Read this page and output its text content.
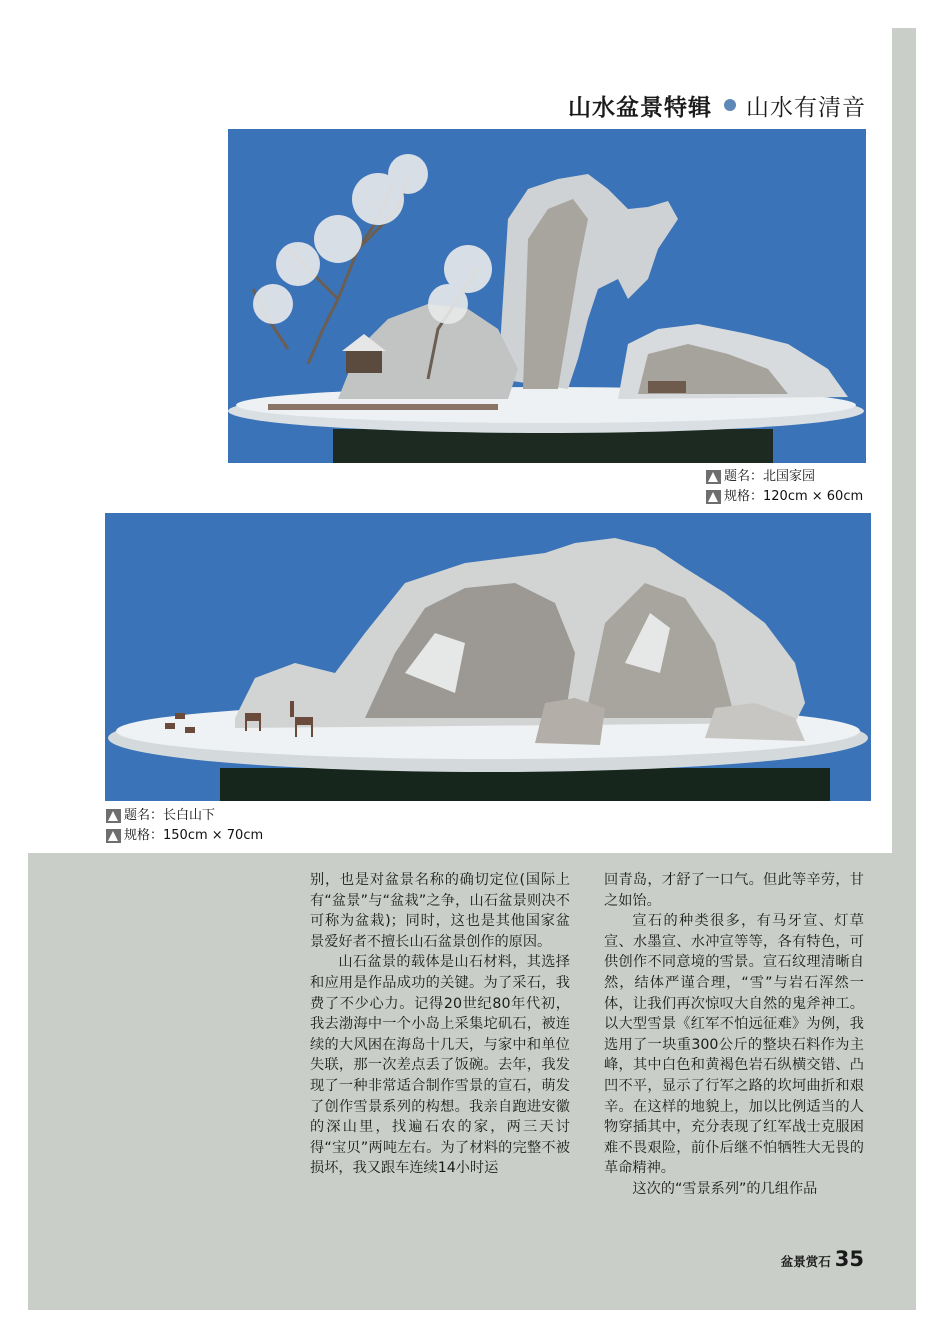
山水盆景特辑 山水有清音
题名：北国家园
规格：120cm × 60cm
题名：长白山下
规格：150cm × 70cm

别，也是对盆景名称的确切定位(国际上有“盆景”与“盆栽”之争，山石盆景则决不可称为盆栽)；同时，这也是其他国家盆景爱好者不擅长山石盆景创作的原因。

山石盆景的载体是山石材料，其选择和应用是作品成功的关键。为了采石，我费了不少心力。记得20世纪80年代初，我去渤海中一个小岛上采集坨矶石，被连续的大风困在海岛十几天，与家中和单位失联，那一次差点丢了饭碗。去年，我发现了一种非常适合制作雪景的宣石，萌发了创作雪景系列的构想。我亲自跑进安徽的深山里，找遍石农的家，两三天讨得“宝贝”两吨左右。为了材料的完整不被损坏，我又跟车连续14小时运

回青岛，才舒了一口气。但此等辛劳，甘之如饴。

宣石的种类很多，有马牙宣、灯草宣、水墨宣、水冲宣等等，各有特色，可供创作不同意境的雪景。宣石纹理清晰自然，结体严谨合理，“雪”与岩石浑然一体，让我们再次惊叹大自然的鬼斧神工。以大型雪景《红军不怕远征难》为例，我选用了一块重300公斤的整块石料作为主峰，其中白色和黄褐色岩石纵横交错、凸凹不平，显示了行军之路的坎坷曲折和艰辛。在这样的地貌上，加以比例适当的人物穿插其中，充分表现了红军战士克服困难不畏艰险，前仆后继不怕牺牲大无畏的革命精神。

这次的“雪景系列”的几组作品

盆景赏石 35
